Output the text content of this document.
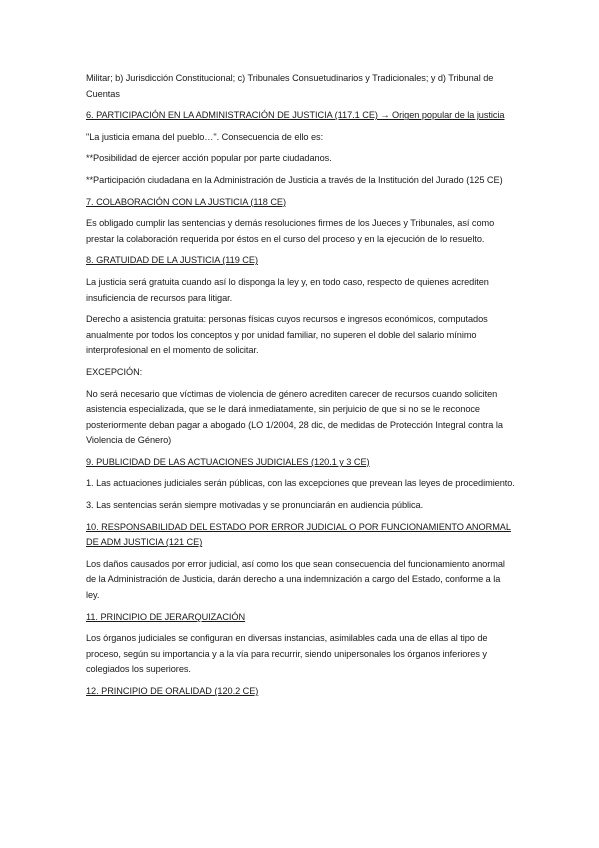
Militar; b) Jurisdicción Constitucional; c) Tribunales Consuetudinarios y Tradicionales; y d) Tribunal de Cuentas

6. PARTICIPACIÓN EN LA ADMINISTRACIÓN DE JUSTICIA (117.1 CE) → Origen popular de la justicia

"La justicia emana del pueblo…". Consecuencia de ello es:

**Posibilidad de ejercer acción popular por parte ciudadanos.

**Participación ciudadana en la Administración de Justicia a través de la Institución del Jurado (125 CE)

7. COLABORACIÓN CON LA JUSTICIA (118 CE)

Es obligado cumplir las sentencias y demás resoluciones firmes de los Jueces y Tribunales, así como prestar la colaboración requerida por éstos en el curso del proceso y en la ejecución de lo resuelto.

8. GRATUIDAD DE LA JUSTICIA (119 CE)

La justicia será gratuita cuando así lo disponga la ley y, en todo caso, respecto de quienes acrediten insuficiencia de recursos para litigar.

Derecho a asistencia gratuita: personas físicas cuyos recursos e ingresos económicos, computados anualmente por todos los conceptos y por unidad familiar, no superen el doble del salario mínimo interprofesional en el momento de solicitar.

EXCEPCIÓN:

No será necesario que víctimas de violencia de género acrediten carecer de recursos cuando soliciten asistencia especializada, que se le dará inmediatamente, sin perjuicio de que si no se le reconoce posteriormente deban pagar a abogado (LO 1/2004, 28 dic, de medidas de Protección Integral contra la Violencia de Género)

9. PUBLICIDAD DE LAS ACTUACIONES JUDICIALES (120.1 y 3 CE)

1. Las actuaciones judiciales serán públicas, con las excepciones que prevean las leyes de procedimiento.

3. Las sentencias serán siempre motivadas y se pronunciarán en audiencia pública.

10. RESPONSABILIDAD DEL ESTADO POR ERROR JUDICIAL O POR FUNCIONAMIENTO ANORMAL DE ADM JUSTICIA (121 CE)

Los daños causados por error judicial, así como los que sean consecuencia del funcionamiento anormal de la Administración de Justicia, darán derecho a una indemnización a cargo del Estado, conforme a la ley.

11. PRINCIPIO DE JERARQUIZACIÓN

Los órganos judiciales se configuran en diversas instancias, asimilables cada una de ellas al tipo de proceso, según su importancia y a la vía para recurrir, siendo unipersonales los órganos inferiores y colegiados los superiores.

12. PRINCIPIO DE ORALIDAD (120.2 CE)
